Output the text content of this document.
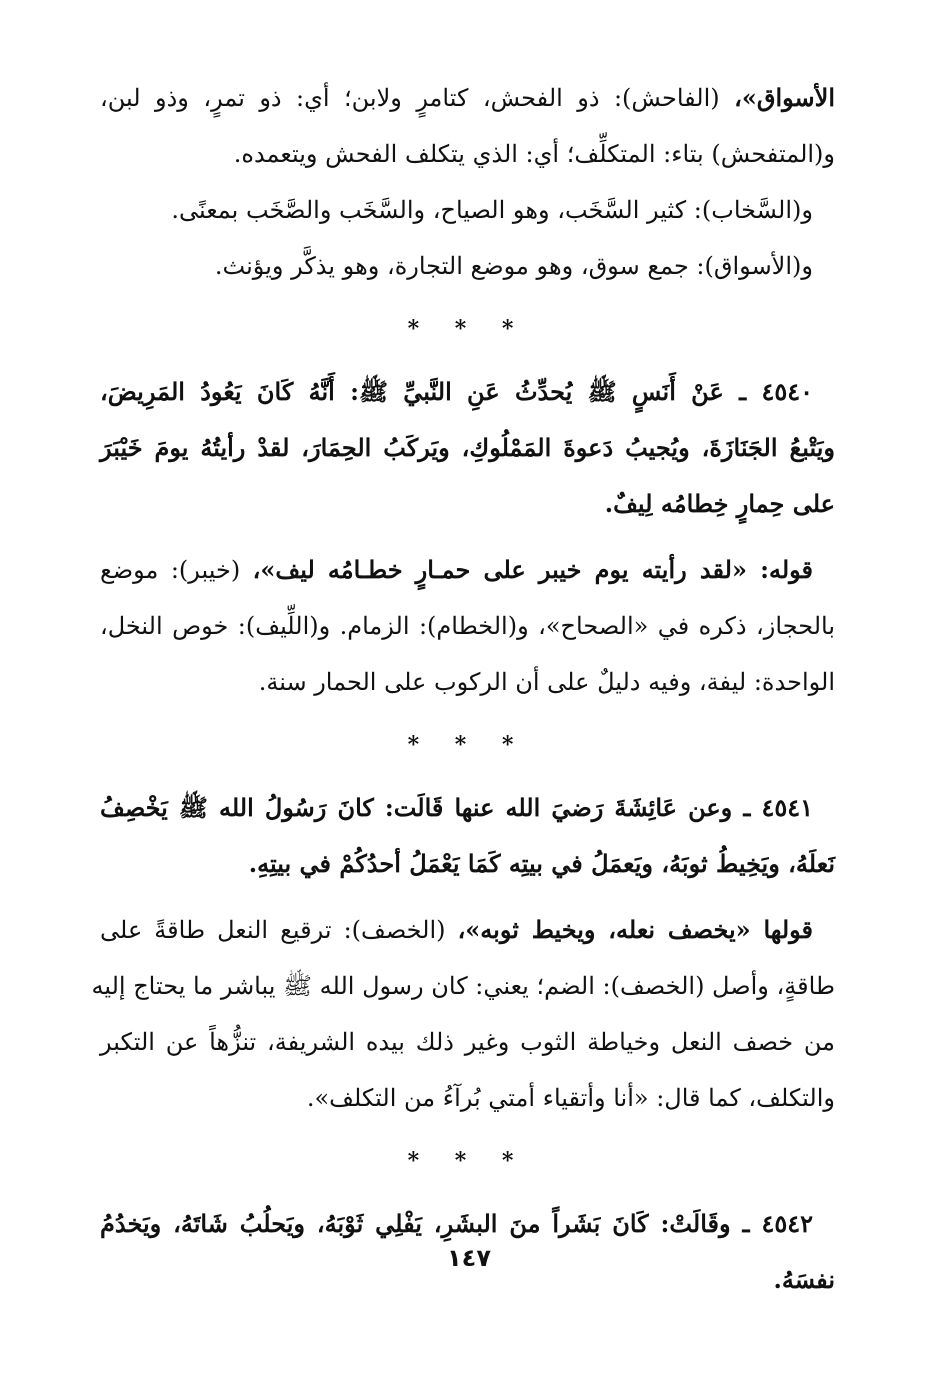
الأسواق»، (الفاحش): ذو الفحش، كتامرٍ ولابن؛ أي: ذو تمرٍ، وذو لبن،
و(المتفحش) بتاء: المتكلِّف؛ أي: الذي يتكلف الفحش ويتعمده.
و(السَّخاب): كثير السَّخَب، وهو الصياح، والسَّخَب والصَّخَب بمعنًى.
و(الأسواق): جمع سوق، وهو موضع التجارة، وهو يذكَّر ويؤنث.
* * *
٤٥٤٠ ـ عَنْ أَنَسٍ ﷺ يُحدِّثُ عَنِ النَّبيِّ ﷺ: أَنَّهُ كَانَ يَعُودُ المَرِيضَ،
ويَتْبعُ الجَنَازَةَ، ويُجيبُ دَعوةَ المَمْلُوكِ، ويَركَبُ الحِمَارَ، لقدْ رأيتُهُ يومَ خَيْبَرَ
على حِمارٍ خِطامُه لِيفٌ.
قوله: «لقد رأيته يوم خيبر على حمـارٍ خطـامُه ليف»، (خيبر): موضع
بالحجاز، ذكره في «الصحاح»، و(الخطام): الزمام. و(اللِّيف): خوص النخل،
الواحدة: ليفة، وفيه دليلٌ على أن الركوب على الحمار سنة.
* * *
٤٥٤١ ـ وعن عَائِشَةَ رَضيَ الله عنها قَالَت: كانَ رَسُولُ الله ﷺ يَخْصِفُ
نَعلَهُ، ويَخِيطُ ثوبَهُ، ويَعمَلُ في بيتِه كَمَا يَعْمَلُ أحدُكُمْ في بيتِهِ.
قولها «يخصف نعله، ويخيط ثوبه»، (الخصف): ترقيع النعل طاقةً على
طاقةٍ، وأصل (الخصف): الضم؛ يعني: كان رسول الله ﷺ يباشر ما يحتاج إليه
من خصف النعل وخياطة الثوب وغير ذلك بيده الشريفة، تنزُّهاً عن التكبر
والتكلف، كما قال: «أنا وأتقياء أمتي بُرآءُ من التكلف».
* * *
٤٥٤٢ ـ وقَالَتْ: كَانَ بَشَراً منَ البشَرِ، يَفْلِي ثَوْبَهُ، ويَحلُبُ شَاتَهُ، ويَخدُمُ
نفسَهُ.
١٤٧
